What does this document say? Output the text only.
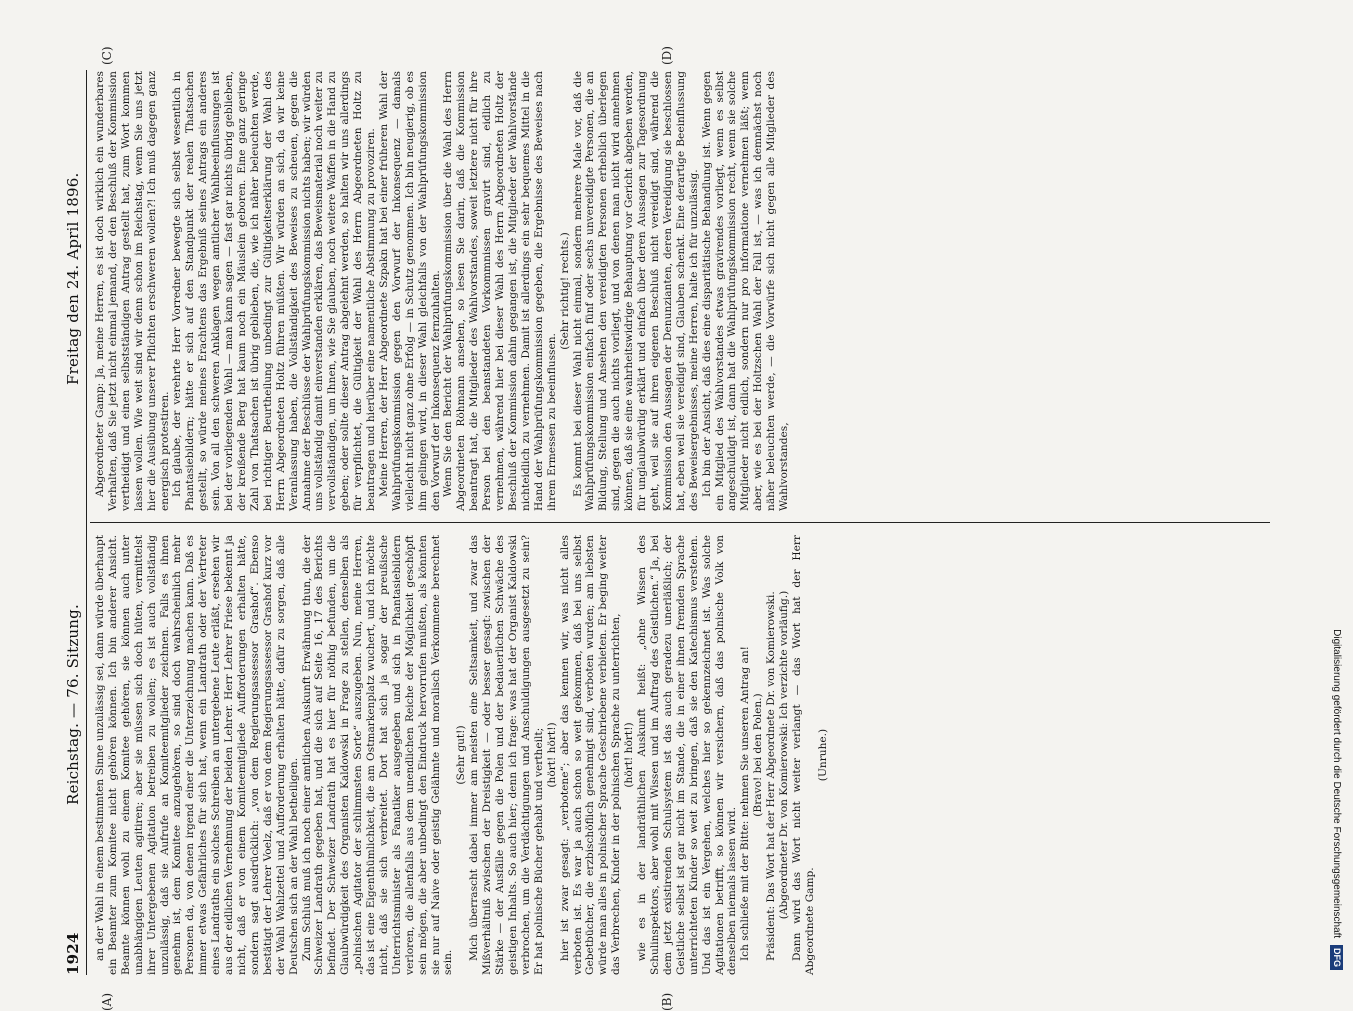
1924
Reichstag. — 76. Sitzung.
Freitag den 24. April 1896.
(A)	(B)
(C)	(D)

an der Wahl in einem bestimmten Sinne unzulässig sei, dann würde überhaupt ein Beamter zum Komitee nicht gehören können. Ich bin anderer Ansicht. Beamte können wohl zu einem Komitee gehören, sie können auch unter unabhängigen Leuten agitiren; aber sie müssen sich doch hüten, vermittelst ihrer Untergebenen Agitation betreiben zu wollen; es ist auch vollständig unzulässig, daß sie Aufrufe an Komiteemitglieder zeichnen. Falls es ihnen genehm ist, dem Komitee anzugehören, so sind doch wahrscheinlich mehr Personen da, von denen irgend einer die Unterzeichnung machen kann. Daß es immer etwas Gefährliches für sich hat, wenn ein Landrath oder der Vertreter eines Landraths ein solches Schreiben an untergebene Leute erläßt, ersehen wir aus der eidlichen Vernehmung der beiden Lehrer. Herr Lehrer Friese bekennt ja nicht, daß er von einem Komiteemitgliede Aufforderungen erhalten hätte, sondern sagt ausdrücklich: „von dem Regierungsassessor Grashof“. Ebenso bestätigt der Lehrer Voelz, daß er von dem Regierungsassessor Grashof kurz vor der Wahl Wahlzettel und Aufforderung erhalten hätte, dafür zu sorgen, daß alle Deutschen sich an der Wahl betheiligen. Zum Schluß muß ich noch einer amtlichen Auskunft Erwähnung thun, die der Schweizer Landrath gegeben hat, und die sich auf Seite 16, 17 des Berichts befindet. Der Schweizer Landrath hat es hier für nöthig befunden, um die Glaubwürdigkeit des Organisten Kaldowski in Frage zu stellen, denselben als „polnischen Agitator der schlimmsten Sorte“ auszugeben. Nun, meine Herren, das ist eine Eigenthümlichkeit, die am Ostmarkenplatz wuchert, und ich möchte nicht, daß sie sich verbreitet. Dort hat sich ja sogar der preußische Unterrichtsminister als Fanatiker ausgegeben und sich in Phantasiebildern verloren, die allenfalls aus dem unendlichen Reiche der Möglichkeit geschöpft sein mögen, die aber unbedingt den Eindruck hervorrufen mußten, als könnten sie nur auf Naive oder geistig Gelähmte und moralisch Verkommene berechnet sein.

(Sehr gut!) Mich überrascht dabei immer am meisten eine Seltsamkeit, und zwar das Mißverhältniß zwischen der Dreistigkeit — oder besser gesagt: zwischen der Stärke — der Ausfälle gegen die Polen und der bedauerlichen Schwäche des geistigen Inhalts. So auch hier; denn ich frage: was hat der Organist Kaldowski verbrochen, um die Verdächtigungen und Anschuldigungen ausgesetzt zu sein? Er hat polnische Bücher gehabt und vertheilt; (hört! hört!) hier ist zwar gesagt: „verbotene“; aber das kennen wir, was nicht alles verboten ist. Es war ja auch schon so weit gekommen, daß bei uns selbst Gebetbücher, die erzbischöflich genehmigt sind, verboten wurden; am liebsten würde man alles in polnischer Sprache Geschriebene verbieten. Er beging weiter das Verbrechen, Kinder in der polnischen Sprache zu unterrichten, (hört! hört!) wie es in der landräthlichen Auskunft heißt: „ohne Wissen des Schulinspektors, aber wohl mit Wissen und im Auftrag des Geistlichen.“ Ja, bei dem jetzt existirenden Schulsystem ist das auch geradezu unerläßlich; der Geistliche selbst ist gar nicht im Stande, die in einer ihnen fremden Sprache unterrichteten Kinder so weit zu bringen, daß sie den Katechismus verstehen. Und das ist ein Vergehen, welches hier so gekennzeichnet ist. Was solche Agitationen betrifft, so können wir versichern, daß das polnische Volk von denselben niemals lassen wird. Ich schließe mit der Bitte: nehmen Sie unseren Antrag an! (Bravo! bei den Polen.) Präsident: Das Wort hat der Herr Abgeordnete Dr. von Komierowski. (Abgeordneter Dr. von Komierowski: Ich verzichte vorläufig.) Dann wird das Wort nicht weiter verlangt — das Wort hat der Herr Abgeordnete Gamp.

(Unruhe.)

Abgeordneter Gamp: Ja, meine Herren, es ist doch wirklich ein wunderbares Verhalten, daß Sie jetzt nicht einmal jemand, der den Beschluß der Kommission vertheidigt und einen selbstständigen Antrag gestellt hat, zum Wort kommen lassen wollen. Wie weit sind wir denn schon im Reichstag, wenn Sie uns jetzt hier die Ausübung unserer Pflichten erschweren wollen?! Ich muß dagegen ganz energisch protestiren. Ich glaube, der verehrte Herr Vorredner bewegte sich selbst wesentlich in Phantasiebildern; hätte er sich auf den Standpunkt der realen Thatsachen gestellt, so würde meines Erachtens das Ergebniß seines Antrags ein anderes sein. Von all den schweren Anklagen wegen amtlicher Wahlbeeinflussungen ist bei der vorliegenden Wahl — man kann sagen — fast gar nichts übrig geblieben, der kreißende Berg hat kaum noch ein Mäuslein geboren. Eine ganz geringe Zahl von Thatsachen ist übrig geblieben, die, wie ich näher beleuchten werde, bei richtiger Beurtheilung unbedingt zur Gültigkeitserklärung der Wahl des Herrn Abgeordneten Holtz führen müßten. Wir würden an sich, da wir keine Veranlassung haben, die Vollständigkeit des Beweises zu scheuen, gegen die Annahme der Beschlüsse der Wahlprüfungskommission nichts haben; wir würden uns vollständig damit einverstanden erklären, das Beweismaterial noch weiter zu vervollständigen, um Ihnen, wie Sie glauben, noch weitere Waffen in die Hand zu geben; oder sollte dieser Antrag abgelehnt werden, so halten wir uns allerdings für verpflichtet, die Gültigkeit der Wahl des Herrn Abgeordneten Holtz zu beantragen und hierüber eine namentliche Abstimmung zu provoziren. Meine Herren, der Herr Abgeordnete Szpakn hat bei einer früheren Wahl der Wahlprüfungskommission gegen den Vorwurf der Inkonsequenz — damals vielleicht nicht ganz ohne Erfolg — in Schutz genommen. Ich bin neugierig, ob es ihm gelingen wird, in dieser Wahl gleichfalls von der Wahlprüfungskommission den Vorwurf der Inkonsequenz fernzuhalten. Wenn Sie den Bericht der Wahlprüfungskommission über die Wahl des Herrn Abgeordneten Röhmann ansehen, so lesen Sie darin, daß die Kommission beantragt hat, die Mitglieder des Wahlvorstandes, soweit letztere nicht für ihre Person bei den beanstandeten Vorkommnissen gravirt sind, eidlich zu vernehmen, während hier bei dieser Wahl des Herrn Abgeordneten Holtz der Beschluß der Kommission dahin gegangen ist, die Mitglieder der Wahlvorstände nichteidlich zu vernehmen. Damit ist allerdings ein sehr bequemes Mittel in die Hand der Wahlprüfungskommission gegeben, die Ergebnisse des Beweises nach ihrem Ermessen zu beeinflussen.

(Sehr richtig! rechts.) Es kommt bei dieser Wahl nicht einmal, sondern mehrere Male vor, daß die Wahlprüfungskommission einfach fünf oder sechs unvereidigte Personen, die an Bildung, Stellung und Ansehen den vereidigten Personen erheblich überlegen sind, gegen die auch nichts vorliegt, und von denen man nicht wird annehmen können, daß sie eine wahrheitswidrige Behauptung vor Gericht abgeben werden, für unglaubwürdig erklärt und einfach über deren Aussagen zur Tagesordnung geht, weil sie auf ihren eigenen Beschluß nicht vereidigt sind, während die Kommission den Aussagen der Denunzianten, deren Vereidigung sie beschlossen hat, eben weil sie vereidigt sind, Glauben schenkt. Eine derartige Beeinflussung des Beweisergebnisses, meine Herren, halte ich für unzulässig. Ich bin der Ansicht, daß dies eine disparitätische Behandlung ist. Wenn gegen ein Mitglied des Wahlvorstandes etwas gravirendes vorliegt, wenn es selbst angeschuldigt ist, dann hat die Wahlprüfungskommission recht, wenn sie solche Mitglieder nicht eidlich, sondern nur pro informatione vernehmen läßt; wenn aber, wie es bei der Holtzschen Wahl der Fall ist, — was ich demnächst noch näher beleuchten werde, — die Vorwürfe sich nicht gegen alle Mitglieder des Wahlvorstandes,

Digitalisierung gefördert durch die Deutsche Forschungsgemeinschaft DFG
